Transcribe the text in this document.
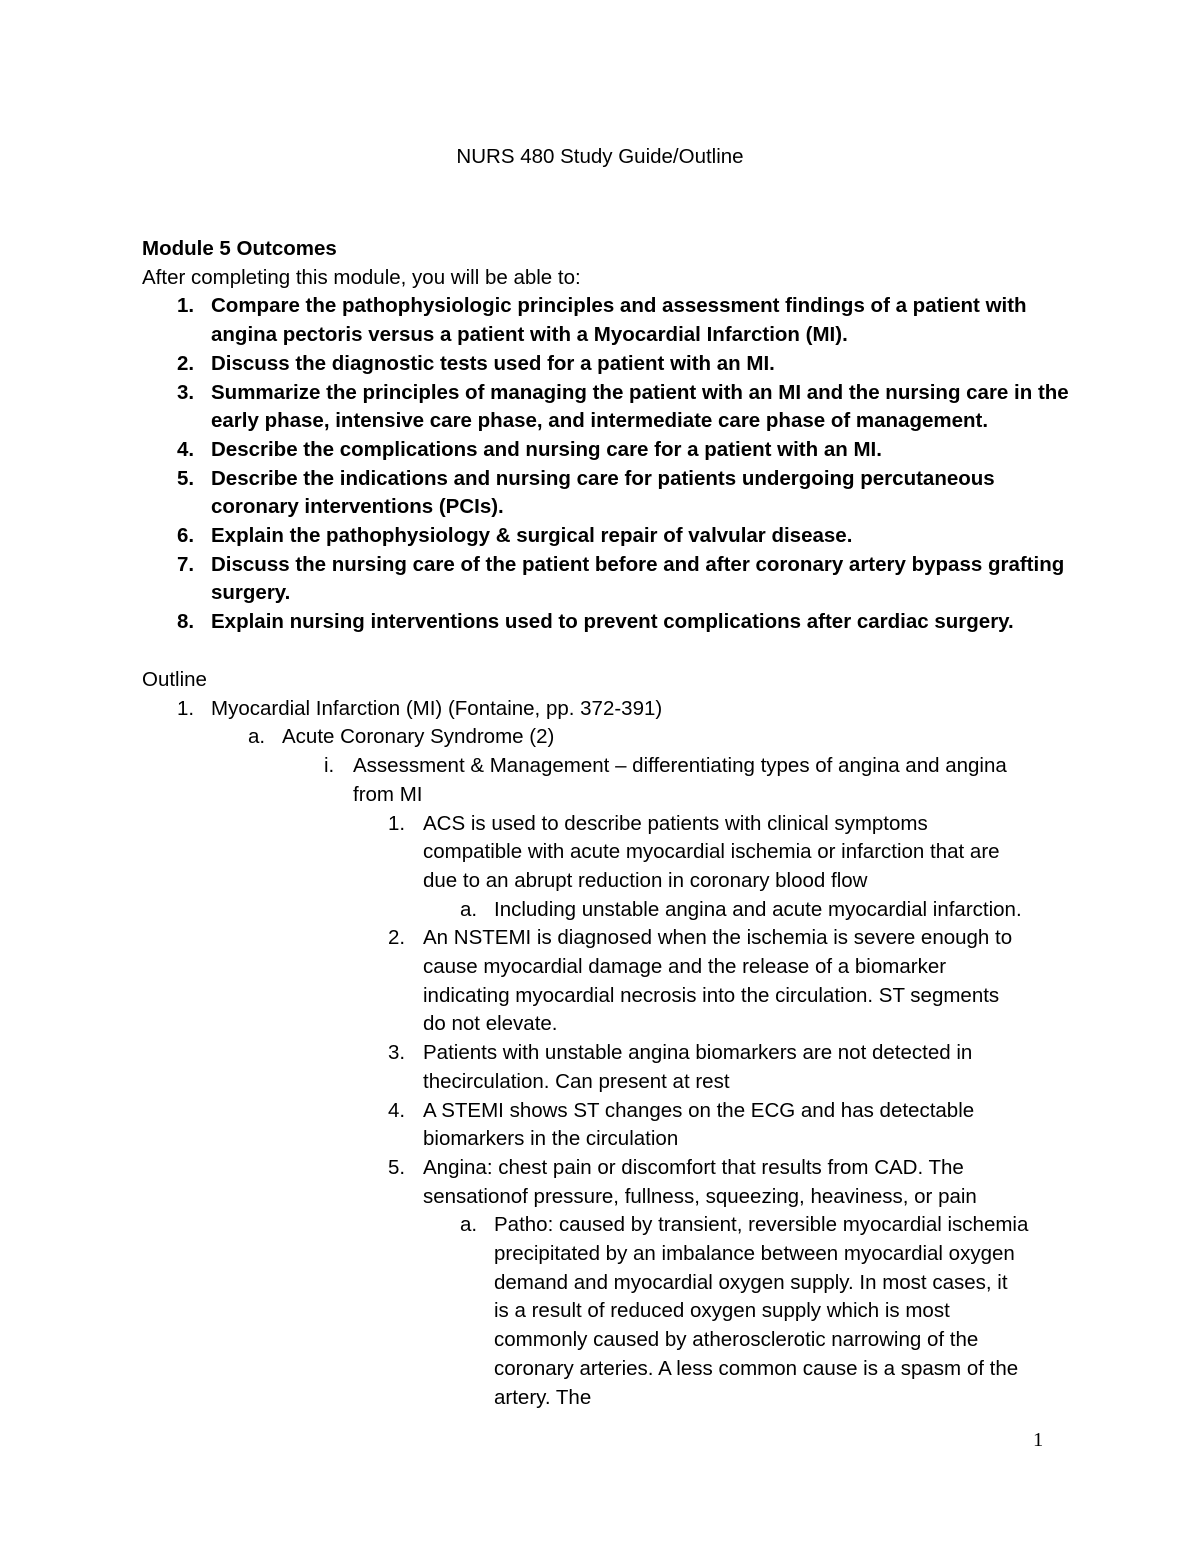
NURS 480 Study Guide/Outline
Module 5 Outcomes
After completing this module, you will be able to:
1. Compare the pathophysiologic principles and assessment findings of a patient with
angina pectoris versus a patient with a Myocardial Infarction (MI).
2. Discuss the diagnostic tests used for a patient with an MI.
3. Summarize the principles of managing the patient with an MI and the nursing care in the
early phase, intensive care phase, and intermediate care phase of management.
4. Describe the complications and nursing care for a patient with an MI.
5. Describe the indications and nursing care for patients undergoing percutaneous
coronary interventions (PCIs).
6. Explain the pathophysiology & surgical repair of valvular disease.
7. Discuss the nursing care of the patient before and after coronary artery bypass grafting
surgery.
8. Explain nursing interventions used to prevent complications after cardiac surgery.
Outline
1. Myocardial Infarction (MI) (Fontaine, pp. 372-391)
a. Acute Coronary Syndrome (2)
i. Assessment & Management – differentiating types of angina and angina
from MI
1. ACS is used to describe patients with clinical symptoms
compatible with acute myocardial ischemia or infarction that are
due to an abrupt reduction in coronary blood flow
a. Including unstable angina and acute myocardial infarction.
2. An NSTEMI is diagnosed when the ischemia is severe enough to
cause myocardial damage and the release of a biomarker
indicating myocardial necrosis into the circulation. ST segments
do not elevate.
3. Patients with unstable angina biomarkers are not detected in
thecirculation. Can present at rest
4. A STEMI shows ST changes on the ECG and has detectable
biomarkers in the circulation
5. Angina: chest pain or discomfort that results from CAD. The
sensationof pressure, fullness, squeezing, heaviness, or pain
a. Patho: caused by transient, reversible myocardial ischemia
precipitated by an imbalance between myocardial oxygen
demand and myocardial oxygen supply. In most cases, it
is a result of reduced oxygen supply which is most
commonly caused by atherosclerotic narrowing of the
coronary arteries. A less common cause is a spasm of the
artery. The
1
